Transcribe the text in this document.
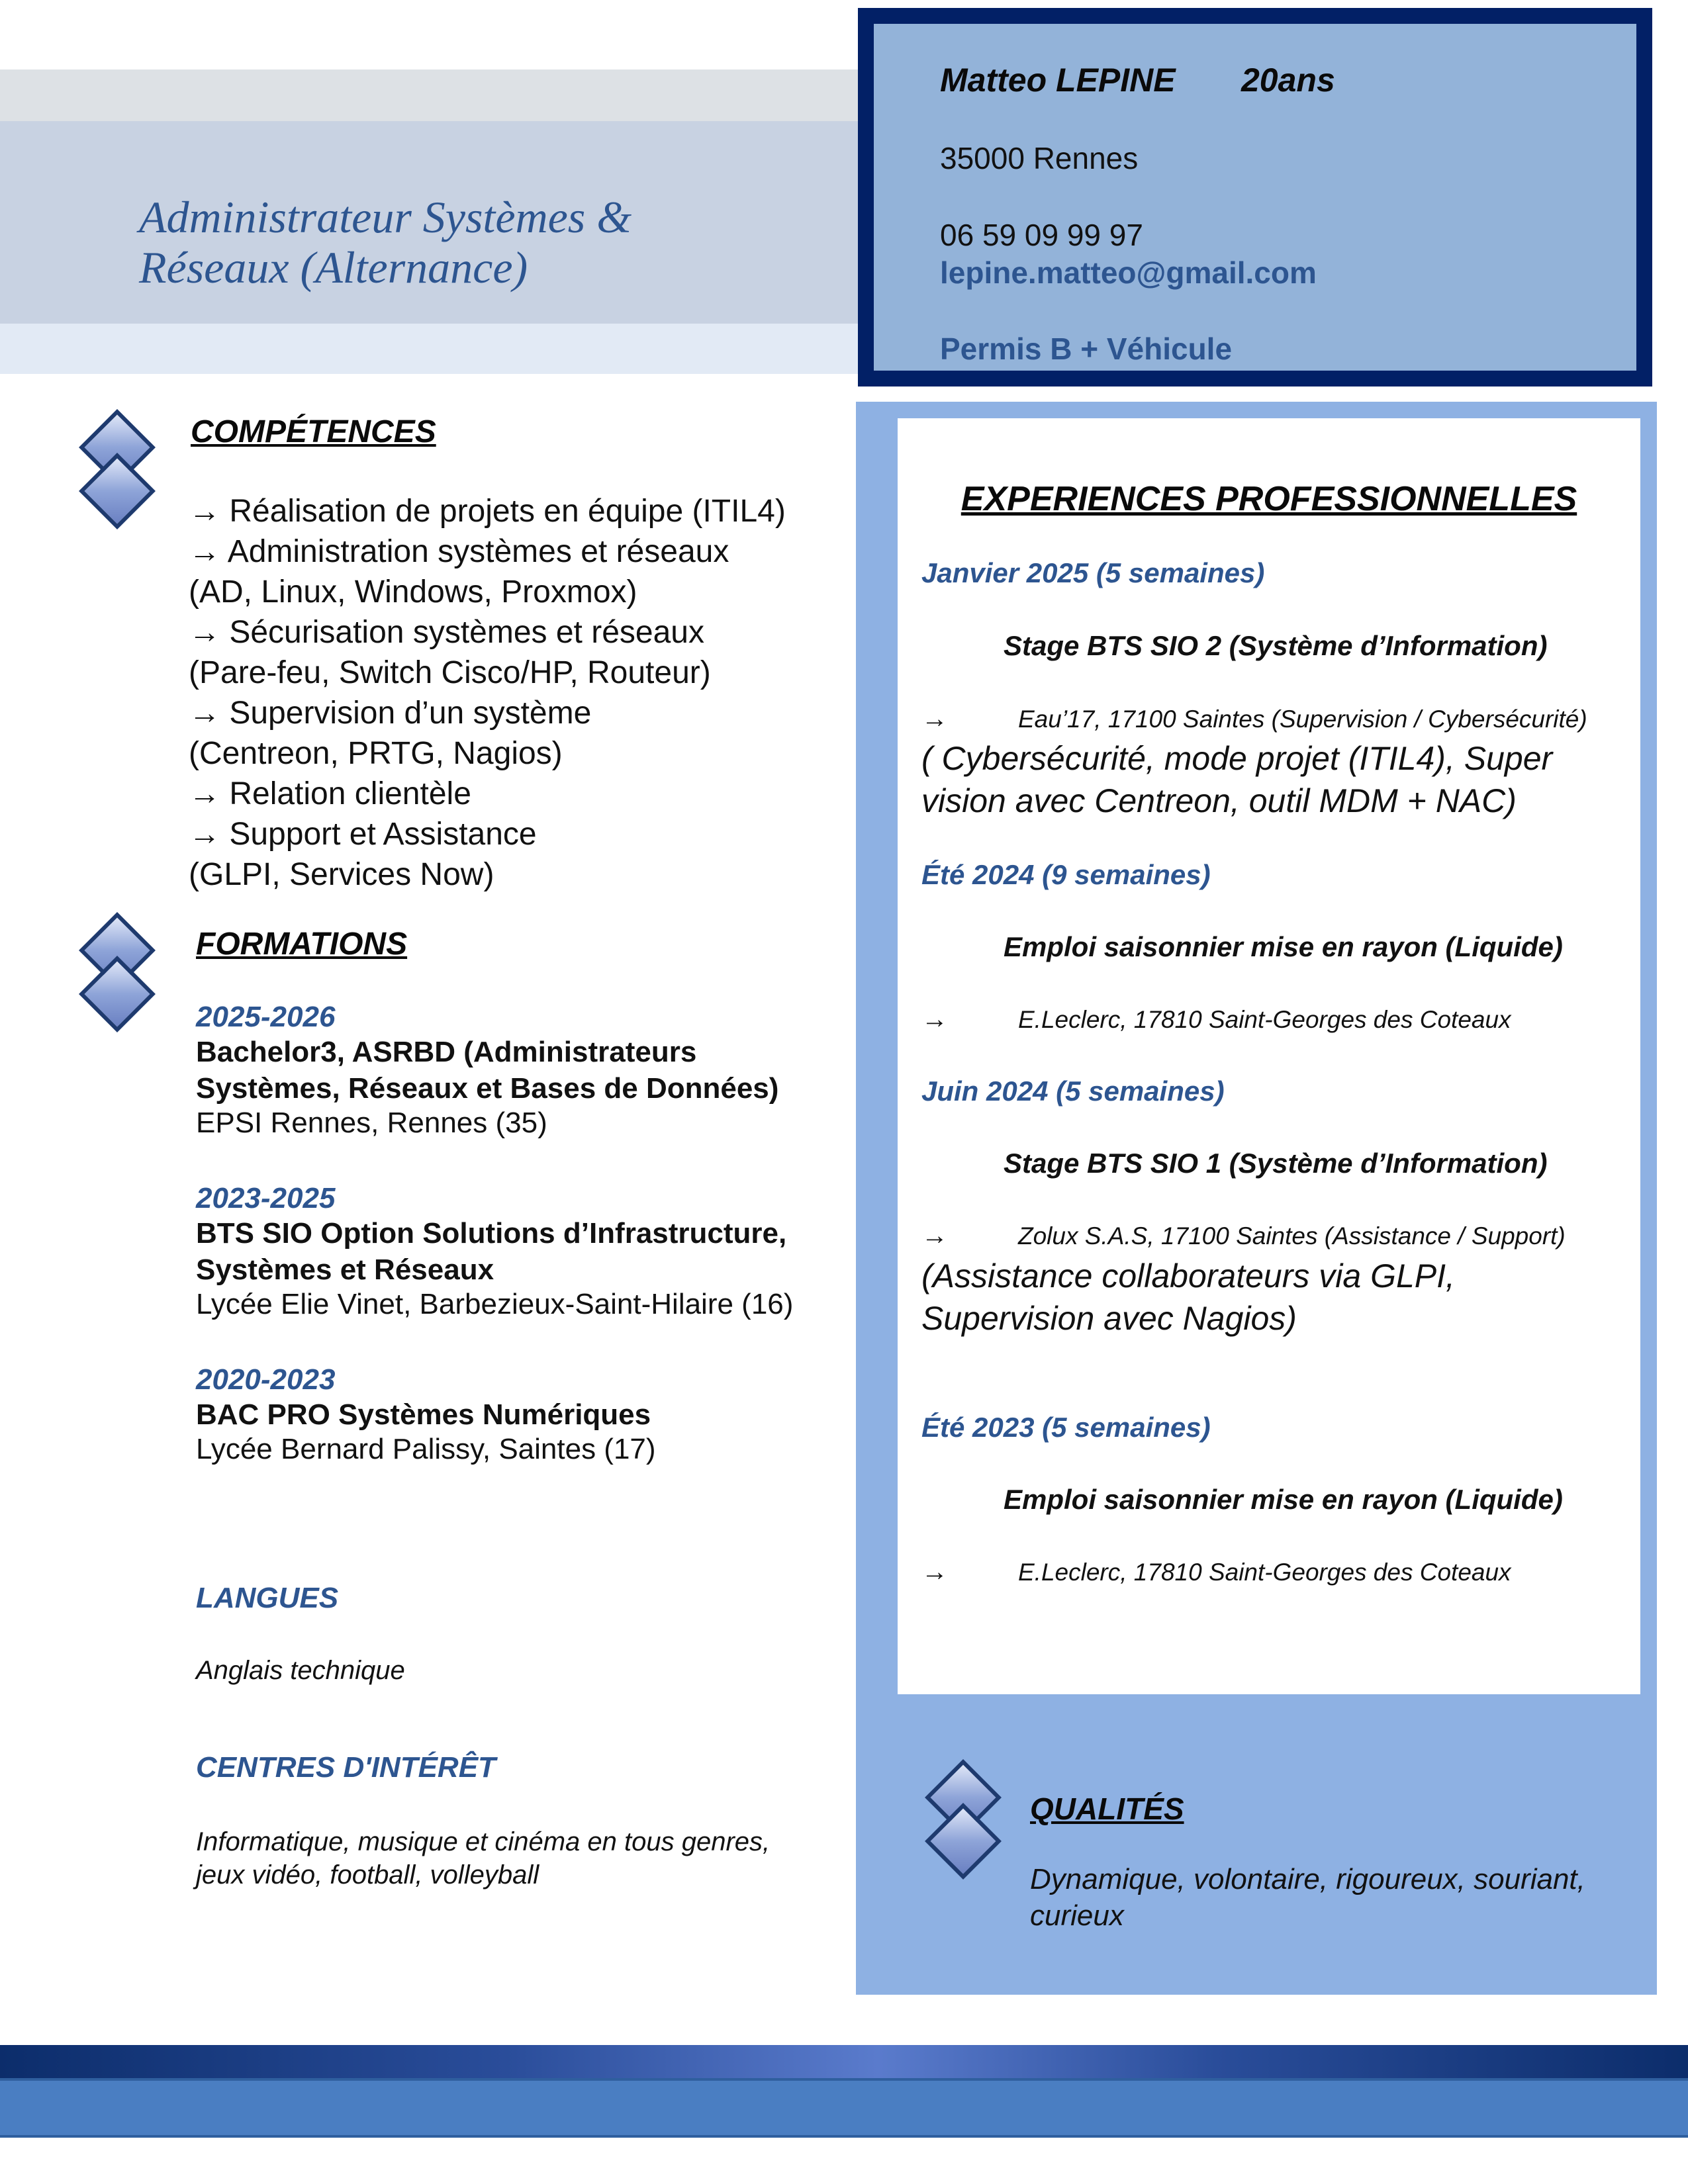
Administrateur Systèmes &
Réseaux (Alternance)
Matteo LEPINE 20ans
35000 Rennes
06 59 09 99 97
lepine.matteo@gmail.com
Permis B + Véhicule
COMPÉTENCES
→ Réalisation de projets en équipe (ITIL4)
→ Administration systèmes et réseaux
(AD, Linux, Windows, Proxmox)
→ Sécurisation systèmes et réseaux
(Pare-feu, Switch Cisco/HP, Routeur)
→ Supervision d’un système
(Centreon, PRTG, Nagios)
→ Relation clientèle
→ Support et Assistance
(GLPI, Services Now)
FORMATIONS
2025-2026
Bachelor3, ASRBD (Administrateurs
Systèmes, Réseaux et Bases de Données)
EPSI Rennes, Rennes (35)
2023-2025
BTS SIO Option Solutions d’Infrastructure,
Systèmes et Réseaux
Lycée Elie Vinet, Barbezieux-Saint-Hilaire (16)
2020-2023
BAC PRO Systèmes Numériques
Lycée Bernard Palissy, Saintes (17)
LANGUES
Anglais technique
CENTRES D'INTÉRÊT
Informatique, musique et cinéma en tous genres,
jeux vidéo, football, volleyball
EXPERIENCES PROFESSIONNELLES
Janvier 2025 (5 semaines)
Stage BTS SIO 2 (Système d’Information)
→	Eau’17, 17100 Saintes (Supervision / Cybersécurité)
( Cybersécurité, mode projet (ITIL4), Super
vision avec Centreon, outil MDM + NAC)
Été 2024 (9 semaines)
Emploi saisonnier mise en rayon (Liquide)
→	E.Leclerc, 17810 Saint-Georges des Coteaux
Juin 2024 (5 semaines)
Stage BTS SIO 1 (Système d’Information)
→	Zolux S.A.S, 17100 Saintes (Assistance / Support)
(Assistance collaborateurs via GLPI,
Supervision avec Nagios)
Été 2023 (5 semaines)
Emploi saisonnier mise en rayon (Liquide)
→	E.Leclerc, 17810 Saint-Georges des Coteaux
QUALITÉS
Dynamique, volontaire, rigoureux, souriant,
curieux
